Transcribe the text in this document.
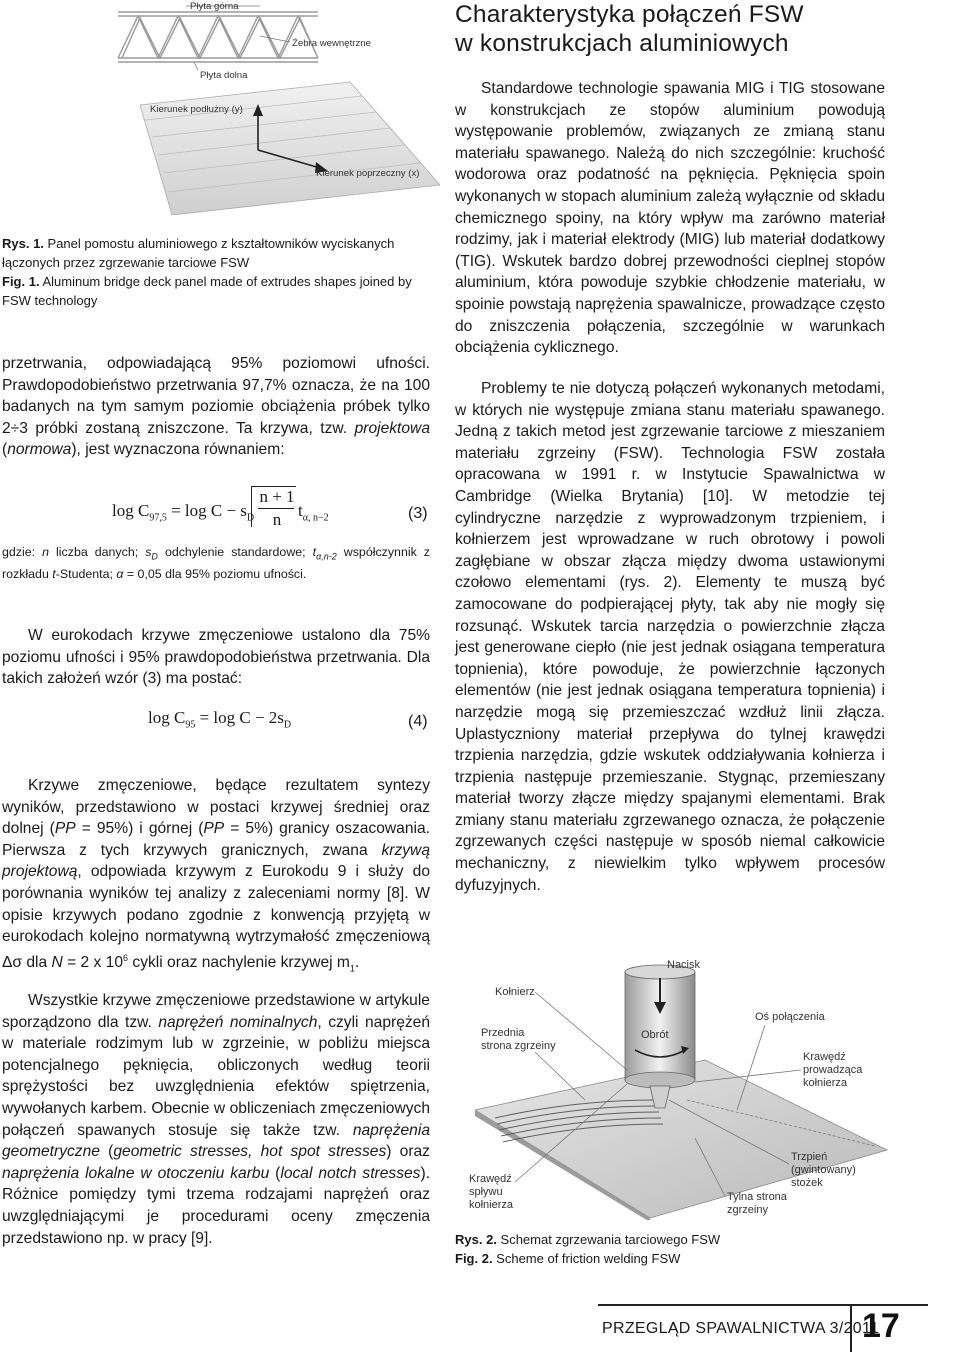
Charakterystyka połączeń FSW
w konstrukcjach aluminiowych
Płyta górna
Żebra wewnętrzne
Płyta dolna
Kierunek podłużny (y)
Kierunek poprzeczny (x)

Rys. 1. Panel pomostu aluminiowego z kształtowników wyciskanych łączonych przez zgrzewanie tarciowe FSW

Fig. 1. Aluminum bridge deck panel made of extrudes shapes joined by FSW technology

przetrwania, odpowiadającą 95% poziomowi ufności. Prawdopodobieństwo przetrwania 97,7% oznacza, że na 100 badanych na tym samym poziomie obciążenia próbek tylko 2÷3 próbki zostaną zniszczone. Ta krzywa, tzw. projektowa (normowa), jest wyznaczona równaniem:

$\log C_{97,5} = \log C - s_D$
n + 1
n $t_{\alpha, n-2}$	(3)
gdzie: n liczba danych; $s_D$ odchylenie standardowe; $t_{\alpha,n-2}$ współczynnik z rozkładu t-Studenta; α = 0,05 dla 95% poziomu ufności.

W eurokodach krzywe zmęczeniowe ustalono dla 75% poziomu ufności i 95% prawdopodobieństwa przetrwania. Dla takich założeń wzór (3) ma postać:

$\log C_{95} = \log C - 2s_D$	(4)

Krzywe zmęczeniowe, będące rezultatem syntezy wyników, przedstawiono w postaci krzywej średniej oraz dolnej (PP = 95%) i górnej (PP = 5%) granicy oszacowania. Pierwsza z tych krzywych granicznych, zwana krzywą projektową, odpowiada krzywym z Eurokodu 9 i służy do porównania wyników tej analizy z zaleceniami normy [8]. W opisie krzywych podano zgodnie z konwencją przyjętą w eurokodach kolejno normatywną wytrzymałość zmęczeniową Δσ dla N = 2 x $10^6$ cykli oraz nachylenie krzywej $m_1$.

Wszystkie krzywe zmęczeniowe przedstawione w artykule sporządzono dla tzw. naprężeń nominalnych, czyli naprężeń w materiale rodzimym lub w zgrzeinie, w pobliżu miejsca potencjalnego pęknięcia, obliczonych według teorii sprężystości bez uwzględnienia efektów spiętrzenia, wywołanych karbem. Obecnie w obliczeniach zmęczeniowych połączeń spawanych stosuje się także tzw. naprężenia geometryczne (geometric stresses, hot spot stresses) oraz naprężenia lokalne w otoczeniu karbu (local notch stresses). Różnice pomiędzy tymi trzema rodzajami naprężeń oraz uwzględniającymi je procedurami oceny zmęczenia przedstawiono np. w pracy [9].

Standardowe technologie spawania MIG i TIG stosowane w konstrukcjach ze stopów aluminium powodują występowanie problemów, związanych ze zmianą stanu materiału spawanego. Należą do nich szczególnie: kruchość wodorowa oraz podatność na pęknięcia. Pęknięcia spoin wykonanych w stopach aluminium zależą wyłącznie od składu chemicznego spoiny, na który wpływ ma zarówno materiał rodzimy, jak i materiał elektrody (MIG) lub materiał dodatkowy (TIG). Wskutek bardzo dobrej przewodności cieplnej stopów aluminium, która powoduje szybkie chłodzenie materiału, w spoinie powstają naprężenia spawalnicze, prowadzące często do zniszczenia połączenia, szczególnie w warunkach obciążenia cyklicznego.

Problemy te nie dotyczą połączeń wykonanych metodami, w których nie występuje zmiana stanu materiału spawanego. Jedną z takich metod jest zgrzewanie tarciowe z mieszaniem materiału zgrzeiny (FSW). Technologia FSW została opracowana w 1991 r. w Instytucie Spawalnictwa w Cambridge (Wielka Brytania) [10]. W metodzie tej cylindryczne narzędzie z wyprowadzonym trzpieniem, i kołnierzem jest wprowadzane w ruch obrotowy i powoli zagłębiane w obszar złącza między dwoma ustawionymi czołowo elementami (rys. 2). Elementy te muszą być zamocowane do podpierającej płyty, tak aby nie mogły się rozsunąć. Wskutek tarcia narzędzia o powierzchnie złącza jest generowane ciepło (nie jest jednak osiągana temperatura topnienia), które powoduje, że powierzchnie łączonych elementów (nie jest jednak osiągana temperatura topnienia) i narzędzie mogą się przemieszczać wzdłuż linii złącza. Uplastyczniony materiał przepływa do tylnej krawędzi trzpienia narzędzia, gdzie wskutek oddziaływania kołnierza i trzpienia następuje przemieszanie. Stygnąc, przemieszany materiał tworzy złącze między spajanymi elementami. Brak zmiany stanu materiału zgrzewanego oznacza, że połączenie zgrzewanych części następuje w sposób niemal całkowicie mechaniczny, z niewielkim tylko wpływem procesów dyfuzyjnych.

Nacisk
Obrót
Kołnierz
Przednia
strona zgrzeiny
Oś połączenia
Krawędź
prowadząca
kołnierza
Krawędź
spływu
kołnierza
Trzpień
(gwintowany)
stożek
Tylna strona
zgrzeiny

Rys. 2. Schemat zgrzewania tarciowego FSW

Fig. 2. Scheme of friction welding FSW

PRZEGLĄD SPAWALNICTWA 3/2011
17
